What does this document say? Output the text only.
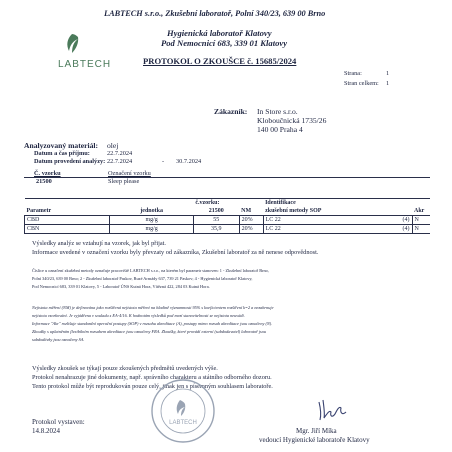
LABTECH s.r.o., Zkušební laboratoř, Polní 340/23, 639 00 Brno
LABTECH
Hygienická laboratoř Klatovy
Pod Nemocnicí 683, 339 01 Klatovy
PROTOKOL O ZKOUŠCE č. 15685/2024
Strana:	1
Stran celkem: 1
Zákazník: In Store s.r.o.
Kloboučnická 1735/26
140 00 Praha 4
Analyzovaný materiál: olej
Datum a čas příjmu:	22.7.2024
Datum provedení analýzy: 22.7.2024	- 30.7.2024
Č. vzorku	Označení vzorku
21500	Sleep please
		č.vzorku:		Identifikace		
Parametr	jednotka	21500	NM	zkušební metody SOP		Akr
CBD	mg/g	55	20%	LC 22	(4)	N
CBN	mg/g	35,9	20%	LC 22	(4)	N
Výsledky analýz se vztahují na vzorek, jak byl přijat.
Informace uvedené v označení vzorku byly převzaty od zákazníka, Zkušební laboratoř za ně nenese odpovědnost.
Číslice u označení zkušební metody označuje pracoviště LABTECH s.r.o., na kterém byl parametr stanoven: 1 - Zkušební laboratoř Brno,
Polní 340/23, 639 00 Brno; 2 - Zkušební laboratoř Paskov, Ruzé Armády 637, 739 21 Paskov; 4 - Hygienická laboratoř Klatovy,
Pod Nemocnicí 683, 339 01 Klatovy, 5 - Laboratoř ÚNS Kutná Hora, Vítězná 422, 284 03 Kutná Hora.
Nejistota měření (NM) je definována jako rozšířená nejistota měření na hladině významnosti 95% s koeficientem rozšíření k=2 a nezahrnuje
nejistotu vzorkování. Je vyjádřena v souladu s EA-4/16. K hodnotám výsledků pod mezí stanovitelnosti se nejistota neuvádí.
Informace "Akr" rozlišuje standardní operační postupy (SOP) v rozsahu akreditace (A), postupy mimo rozsah akreditace jsou označeny (N).
Zkoušky s uplatněním flexibilním rozsahem akreditace jsou označeny FRA. Zkoušky, které provádí externí (subdodavatel) laboratoř jsou
subdodávky jsou označeny SA.
Výsledky zkoušek se týkají pouze zkoušených předmětů uvedených výše.
Protokol nenahrazuje jiné dokumenty, např. správního charakteru a státního odborného dozoru.
Tento protokol může být reprodukován pouze celý, jinak jen s písemným souhlasem laboratoře.
LABTECH
Protokol vystaven:
14.8.2024	Mgr. Jiří Míka
vedoucí Hygienické laboratoře Klatovy
